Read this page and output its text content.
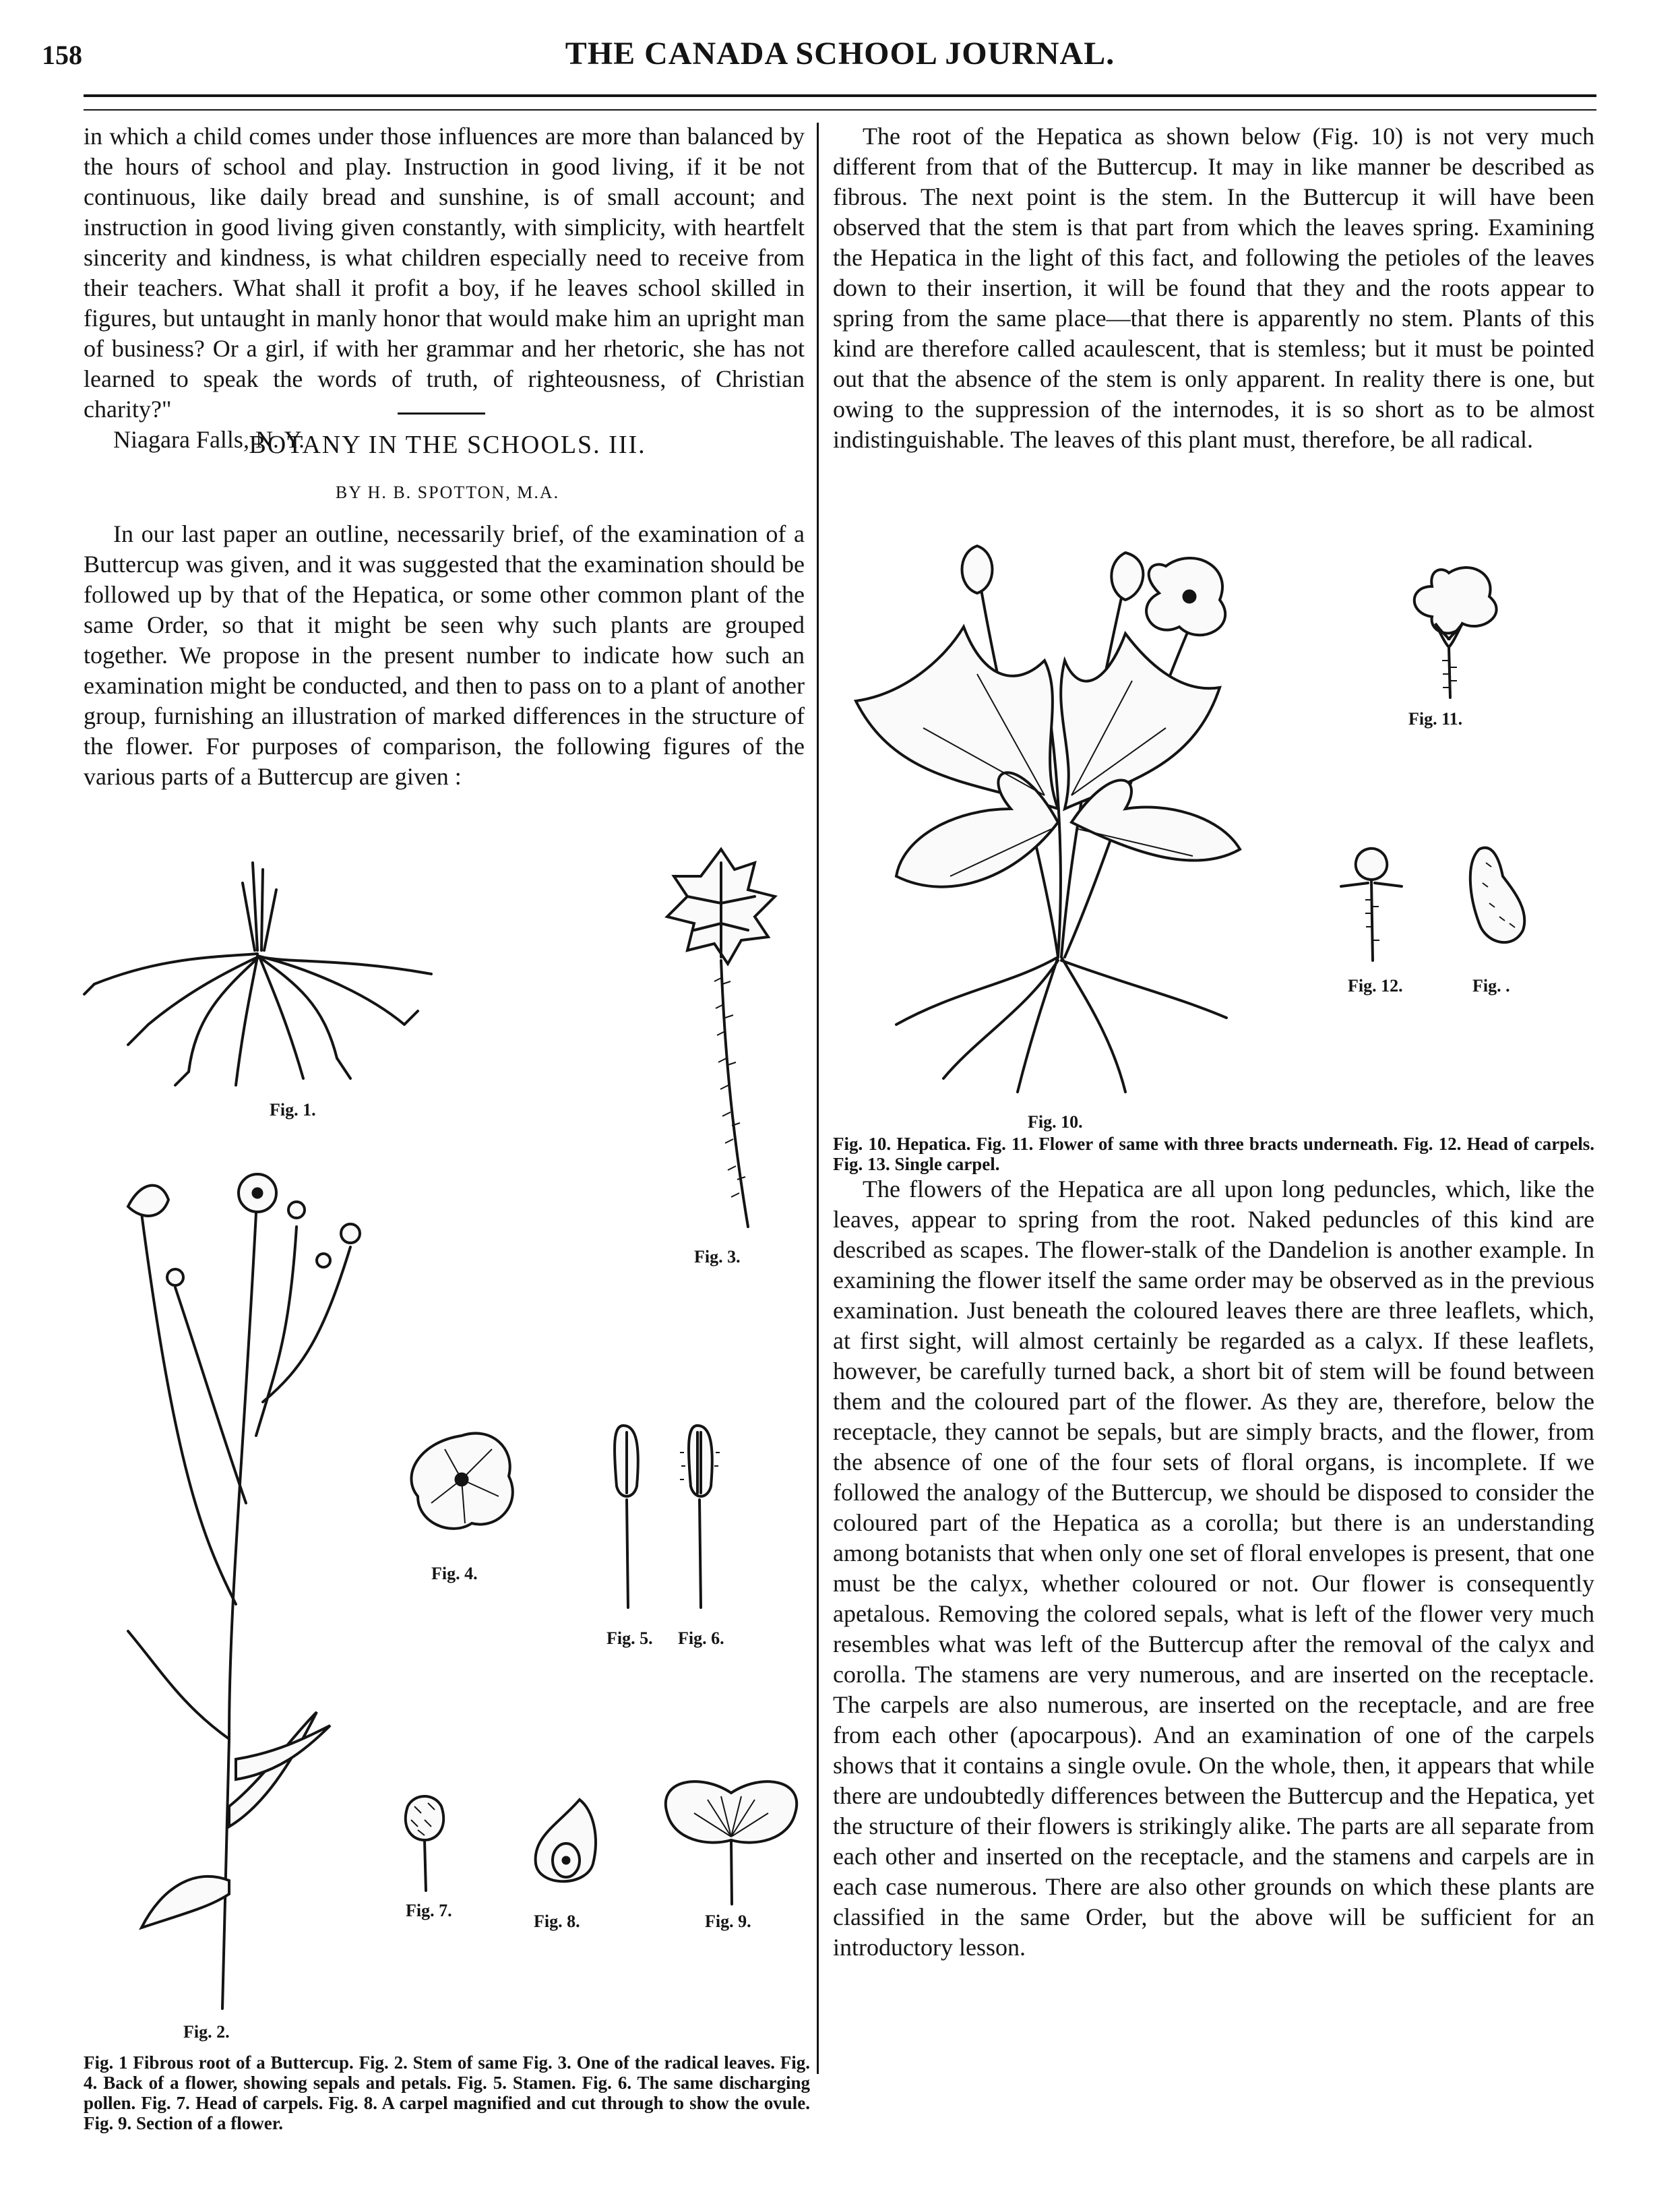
158	THE CANADA SCHOOL JOURNAL.

in which a child comes under those influences are more than balanced by the hours of school and play. Instruction in good living, if it be not continuous, like daily bread and sunshine, is of small account; and instruction in good living given constantly, with simplicity, with heartfelt sincerity and kindness, is what children especially need to receive from their teachers. What shall it profit a boy, if he leaves school skilled in figures, but untaught in manly honor that would make him an upright man of business? Or a girl, if with her grammar and her rhetoric, she has not learned to speak the words of truth, of righteousness, of Christian charity?"

Niagara Falls, N. Y.

BOTANY IN THE SCHOOLS. III.
BY H. B. SPOTTON, M.A.

In our last paper an outline, necessarily brief, of the examination of a Buttercup was given, and it was suggested that the examination should be followed up by that of the Hepatica, or some other common plant of the same Order, so that it might be seen why such plants are grouped together. We propose in the present number to indicate how such an examination might be conducted, and then to pass on to a plant of another group, furnishing an illustration of marked differences in the structure of the flower. For purposes of comparison, the following figures of the various parts of a Buttercup are given :

Fig. 1.
Fig. 3.
Fig. 2.
Fig. 4.
Fig. 5. Fig. 6.
Fig. 7.
Fig. 8.	Fig. 9.
Fig. 1 Fibrous root of a Buttercup. Fig. 2. Stem of same Fig. 3. One of the radical leaves. Fig. 4. Back of a flower, showing sepals and petals. Fig. 5. Stamen. Fig. 6. The same discharging pollen. Fig. 7. Head of carpels. Fig. 8. A carpel magnified and cut through to show the ovule. Fig. 9. Section of a flower.

The root of the Hepatica as shown below (Fig. 10) is not very much different from that of the Buttercup. It may in like manner be described as fibrous. The next point is the stem. In the Buttercup it will have been observed that the stem is that part from which the leaves spring. Examining the Hepatica in the light of this fact, and following the petioles of the leaves down to their insertion, it will be found that they and the roots appear to spring from the same place—that there is apparently no stem. Plants of this kind are therefore called acaulescent, that is stemless; but it must be pointed out that the absence of the stem is only apparent. In reality there is one, but owing to the suppression of the internodes, it is so short as to be almost indistinguishable. The leaves of this plant must, therefore, be all radical.

Fig. 10.
Fig. 11.
Fig. 12.	Fig. .
Fig. 10. Hepatica. Fig. 11. Flower of same with three bracts underneath. Fig. 12. Head of carpels. Fig. 13. Single carpel.

The flowers of the Hepatica are all upon long peduncles, which, like the leaves, appear to spring from the root. Naked peduncles of this kind are described as scapes. The flower-stalk of the Dandelion is another example. In examining the flower itself the same order may be observed as in the previous examination. Just beneath the coloured leaves there are three leaflets, which, at first sight, will almost certainly be regarded as a calyx. If these leaflets, however, be carefully turned back, a short bit of stem will be found between them and the coloured part of the flower. As they are, therefore, below the receptacle, they cannot be sepals, but are simply bracts, and the flower, from the absence of one of the four sets of floral organs, is incomplete. If we followed the analogy of the Buttercup, we should be disposed to consider the coloured part of the Hepatica as a corolla; but there is an understanding among botanists that when only one set of floral envelopes is present, that one must be the calyx, whether coloured or not. Our flower is consequently apetalous. Removing the colored sepals, what is left of the flower very much resembles what was left of the Buttercup after the removal of the calyx and corolla. The stamens are very numerous, and are inserted on the receptacle. The carpels are also numerous, are inserted on the receptacle, and are free from each other (apocarpous). And an examination of one of the carpels shows that it contains a single ovule. On the whole, then, it appears that while there are undoubtedly differences between the Buttercup and the Hepatica, yet the structure of their flowers is strikingly alike. The parts are all separate from each other and inserted on the receptacle, and the stamens and carpels are in each case numerous. There are also other grounds on which these plants are classified in the same Order, but the above will be sufficient for an introductory lesson.
